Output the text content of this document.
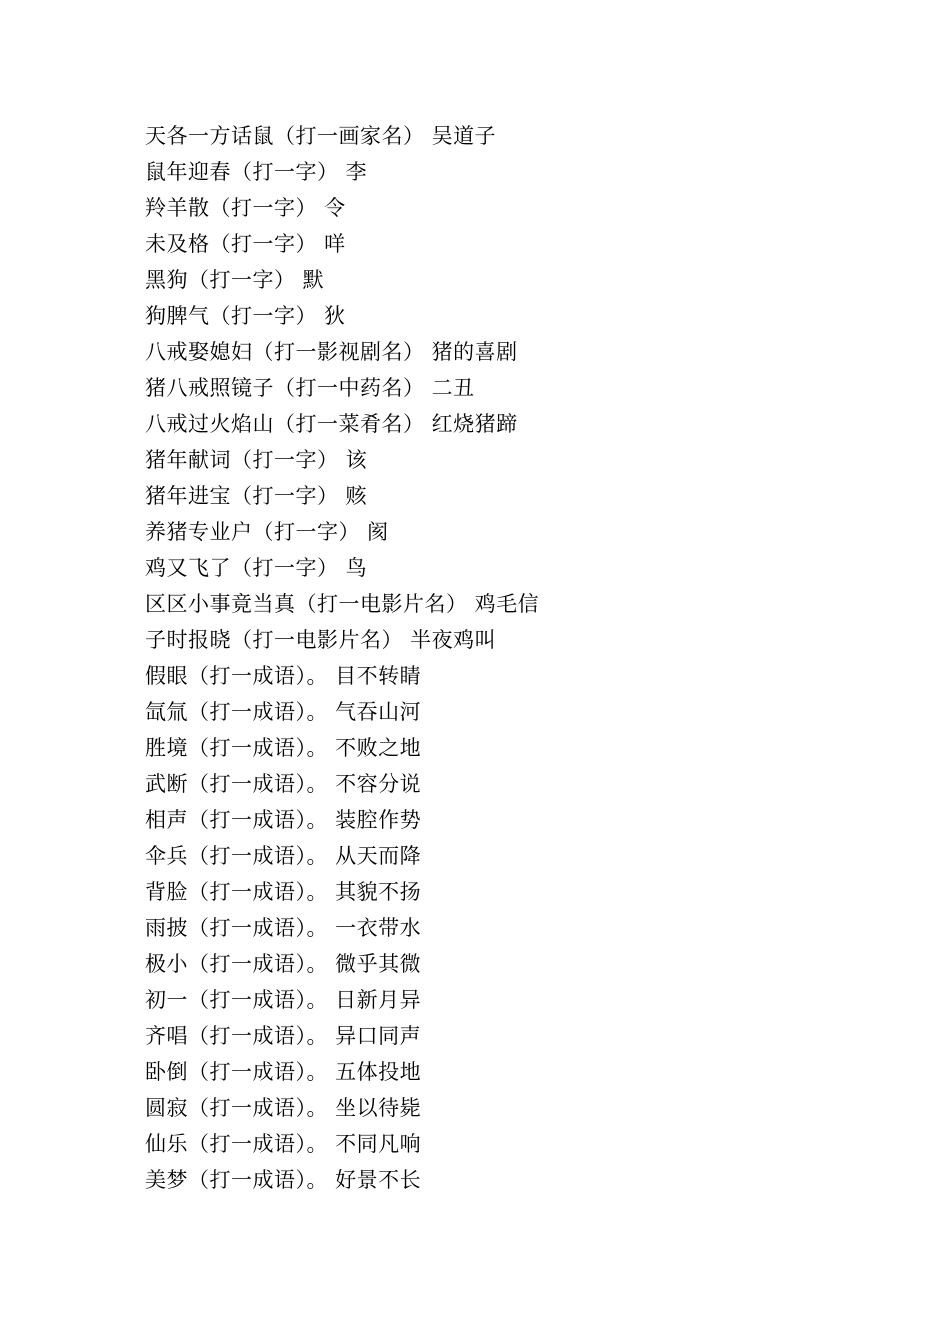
天各一方话鼠（打一画家名） 吴道子
鼠年迎春（打一字） 李
羚羊散（打一字） 令
未及格（打一字） 咩
黑狗（打一字） 默
狗脾气（打一字） 狄
八戒娶媳妇（打一影视剧名） 猪的喜剧
猪八戒照镜子（打一中药名） 二丑
八戒过火焰山（打一菜肴名） 红烧猪蹄
猪年献词（打一字） 该
猪年进宝（打一字） 赅
养猪专业户（打一字） 阂
鸡又飞了（打一字） 鸟
区区小事竟当真（打一电影片名） 鸡毛信
子时报晓（打一电影片名） 半夜鸡叫
假眼（打一成语）。 目不转睛
氙氚（打一成语）。 气吞山河
胜境（打一成语）。 不败之地
武断（打一成语）。 不容分说
相声（打一成语）。 装腔作势
伞兵（打一成语）。 从天而降
背脸（打一成语）。 其貌不扬
雨披（打一成语）。 一衣带水
极小（打一成语）。 微乎其微
初一（打一成语）。 日新月异
齐唱（打一成语）。 异口同声
卧倒（打一成语）。 五体投地
圆寂（打一成语）。 坐以待毙
仙乐（打一成语）。 不同凡响
美梦（打一成语）。 好景不长
